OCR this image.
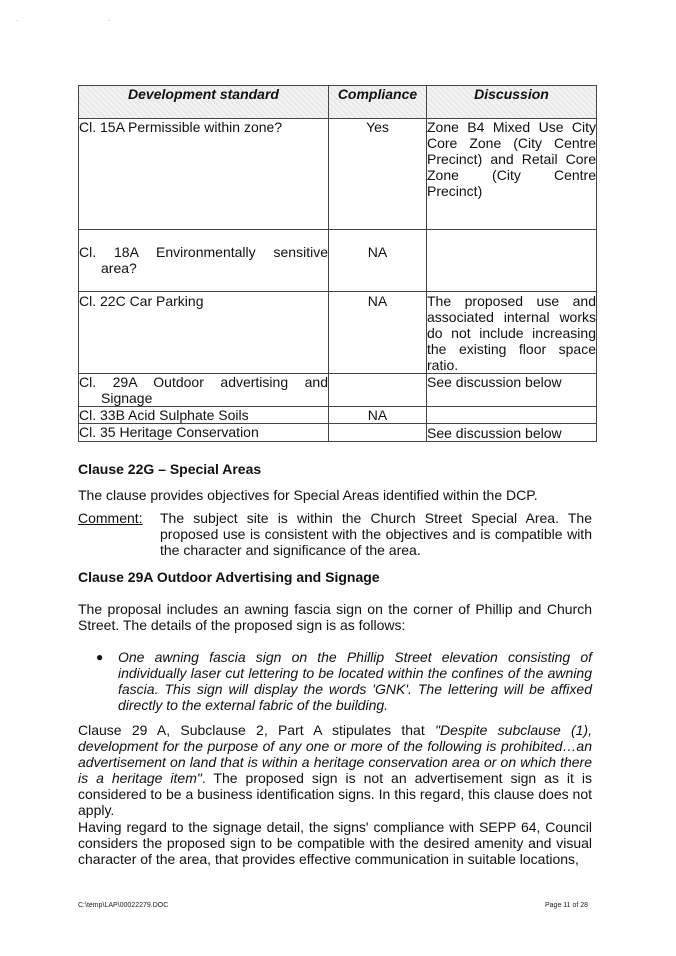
·                                        ·
Development standard	Compliance	Discussion
Cl. 15A Permissible within zone?	Yes	Zone B4 Mixed Use City Core Zone (City Centre Precinct) and Retail Core Zone (City Centre Precinct)

Cl. 18A Environmentally sensitive
area?	NA	
Cl. 22C Car Parking	NA	The proposed use and associated internal works do not include increasing the existing floor space ratio.

Cl. 29A Outdoor advertising and
Signage		See discussion below
Cl. 33B Acid Sulphate Soils	NA	
Cl. 35 Heritage Conservation		See discussion below
Clause 22G – Special Areas
The clause provides objectives for Special Areas identified within the DCP.
Comment: The subject site is within the Church Street Special Area. The proposed use is consistent with the objectives and is compatible with the character and significance of the area.
Clause 29A Outdoor Advertising and Signage
The proposal includes an awning fascia sign on the corner of Phillip and Church Street. The details of the proposed sign is as follows:
● One awning fascia sign on the Phillip Street elevation consisting of individually laser cut lettering to be located within the confines of the awning fascia. This sign will display the words 'GNK'. The lettering will be affixed directly to the external fabric of the building.
Clause 29 A, Subclause 2, Part A stipulates that "Despite subclause (1), development for the purpose of any one or more of the following is prohibited…an advertisement on land that is within a heritage conservation area or on which there is a heritage item". The proposed sign is not an advertisement sign as it is considered to be a business identification signs. In this regard, this clause does not apply.
Having regard to the signage detail, the signs' compliance with SEPP 64, Council considers the proposed sign to be compatible with the desired amenity and visual character of the area, that provides effective communication in suitable locations,
C:\temp\LAP\00022279.DOC	Page 11 of 28
